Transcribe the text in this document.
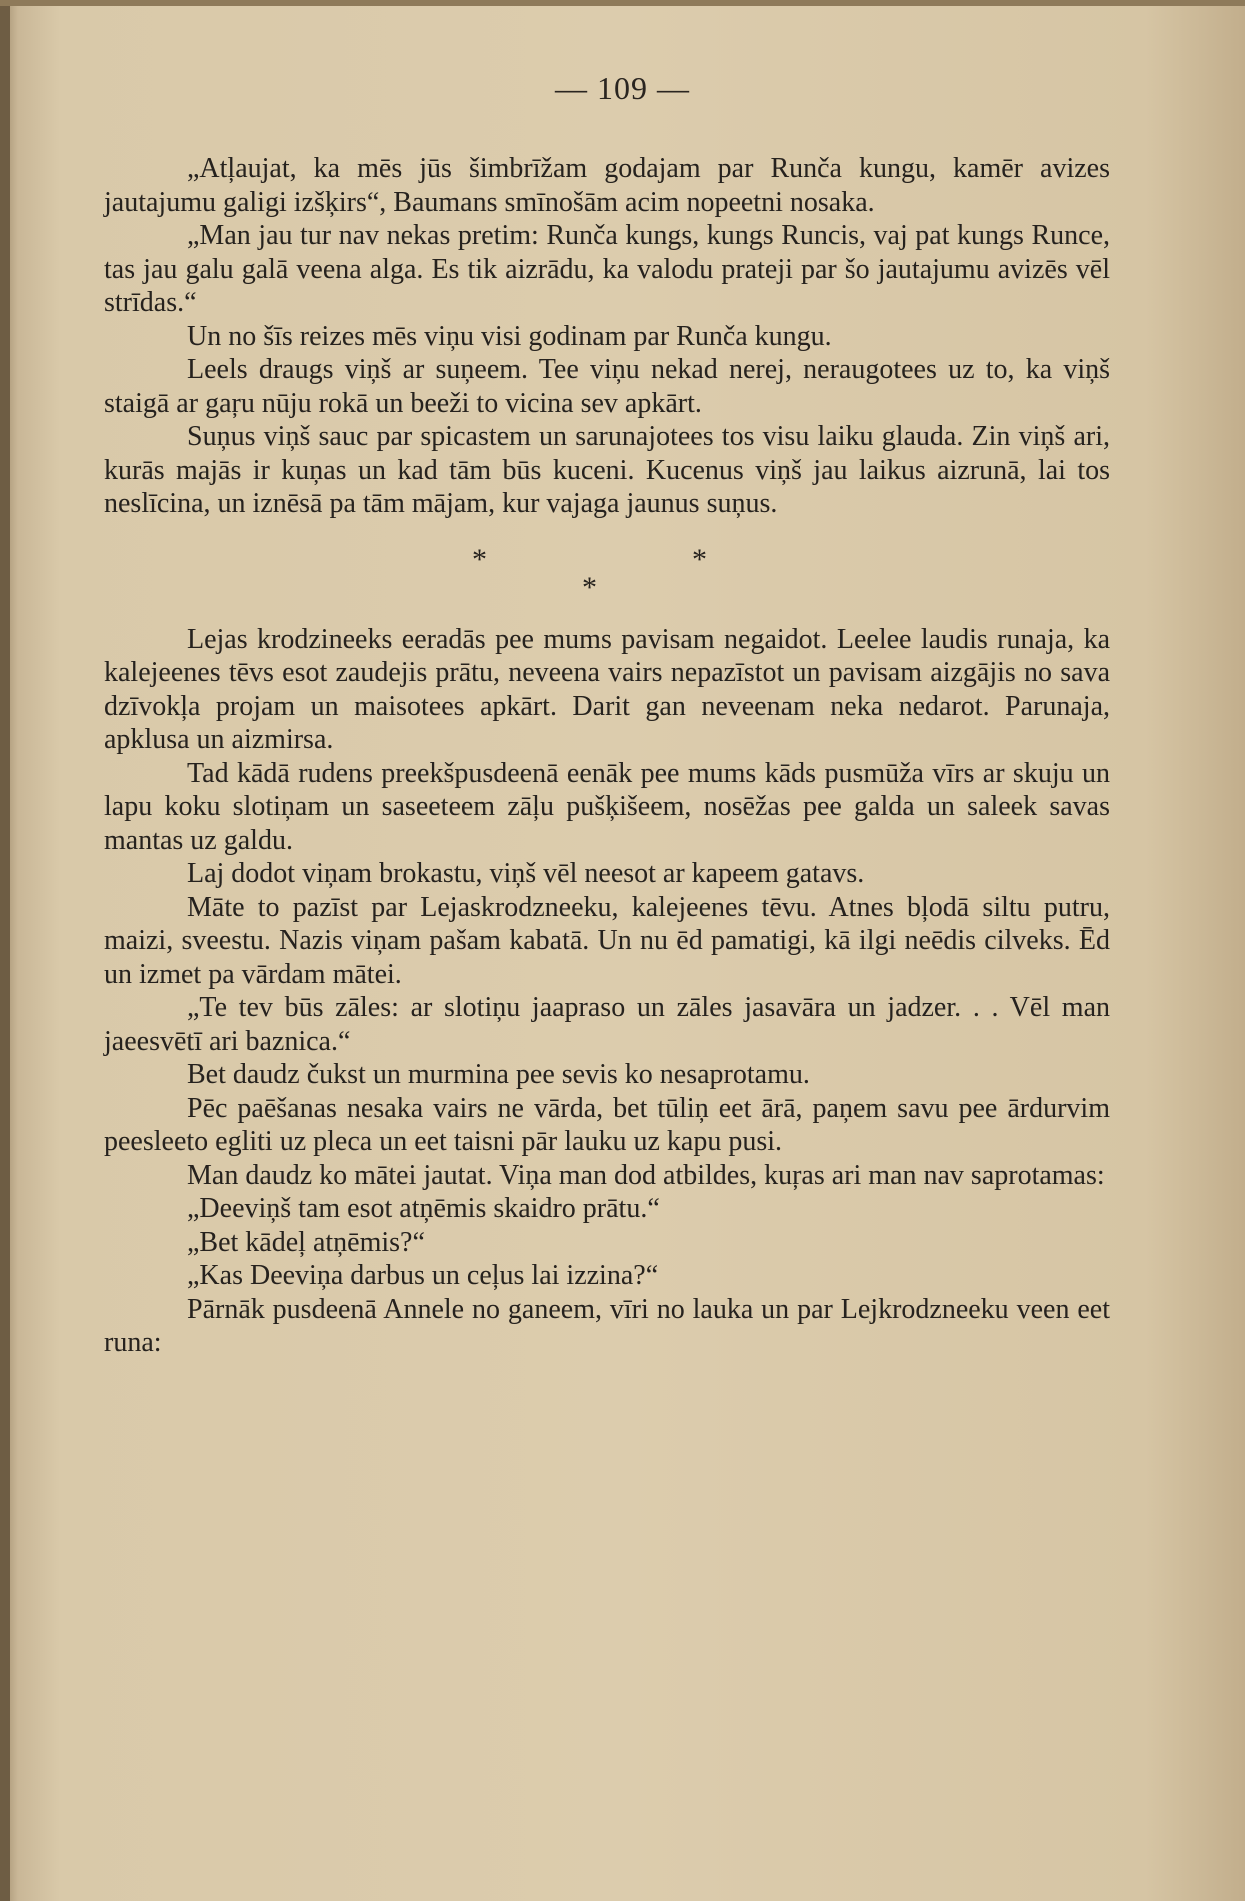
— 109 —

„Atļaujat, ka mēs jūs šimbrīžam godajam par Runča kungu, kamēr avizes jautajumu galigi izšķirs“, Baumans smīnošām acim nopeetni nosaka.

„Man jau tur nav nekas pretim: Runča kungs, kungs Runcis, vaj pat kungs Runce, tas jau galu galā veena alga. Es tik aizrādu, ka valodu prateji par šo jautajumu avizēs vēl strīdas.“

Un no šīs reizes mēs viņu visi godinam par Runča kungu.

Leels draugs viņš ar suņeem. Tee viņu nekad nerej, neraugotees uz to, ka viņš staigā ar gaŗu nūju rokā un beeži to vicina sev apkārt.

Suņus viņš sauc par spicastem un sarunajotees tos visu laiku glauda. Zin viņš ari, kurās majās ir kuņas un kad tām būs kuceni. Kucenus viņš jau laikus aizrunā, lai tos neslīcina, un iznēsā pa tām mājam, kur vajaga jaunus suņus.

*	*
*

Lejas krodzineeks eeradās pee mums pavisam negaidot. Leelee laudis runaja, ka kalejeenes tēvs esot zaudejis prātu, neveena vairs nepazīstot un pavisam aizgājis no sava dzīvokļa projam un maisotees apkārt. Darit gan neveenam neka nedarot. Parunaja, apklusa un aizmirsa.

Tad kādā rudens preekšpusdeenā eenāk pee mums kāds pusmūža vīrs ar skuju un lapu koku slotiņam un saseeteem zāļu pušķišeem, nosēžas pee galda un saleek savas mantas uz galdu.

Laj dodot viņam brokastu, viņš vēl neesot ar kapeem gatavs.

Māte to pazīst par Lejaskrodzneeku, kalejeenes tēvu. Atnes bļodā siltu putru, maizi, sveestu. Nazis viņam pašam kabatā. Un nu ēd pamatigi, kā ilgi neēdis cilveks. Ēd un izmet pa vārdam mātei.

„Te tev būs zāles: ar slotiņu jaapraso un zāles jasavāra un jadzer. . . Vēl man jaeesvētī ari baznica.“

Bet daudz čukst un murmina pee sevis ko nesaprotamu.

Pēc paēšanas nesaka vairs ne vārda, bet tūliņ eet ārā, paņem savu pee ārdurvim peesleeto egliti uz pleca un eet taisni pār lauku uz kapu pusi.

Man daudz ko mātei jautat. Viņa man dod atbildes, kuŗas ari man nav saprotamas:

„Deeviņš tam esot atņēmis skaidro prātu.“

„Bet kādeļ atņēmis?“

„Kas Deeviņa darbus un ceļus lai izzina?“

Pārnāk pusdeenā Annele no ganeem, vīri no lauka un par Lejkrodzneeku veen eet runa:
